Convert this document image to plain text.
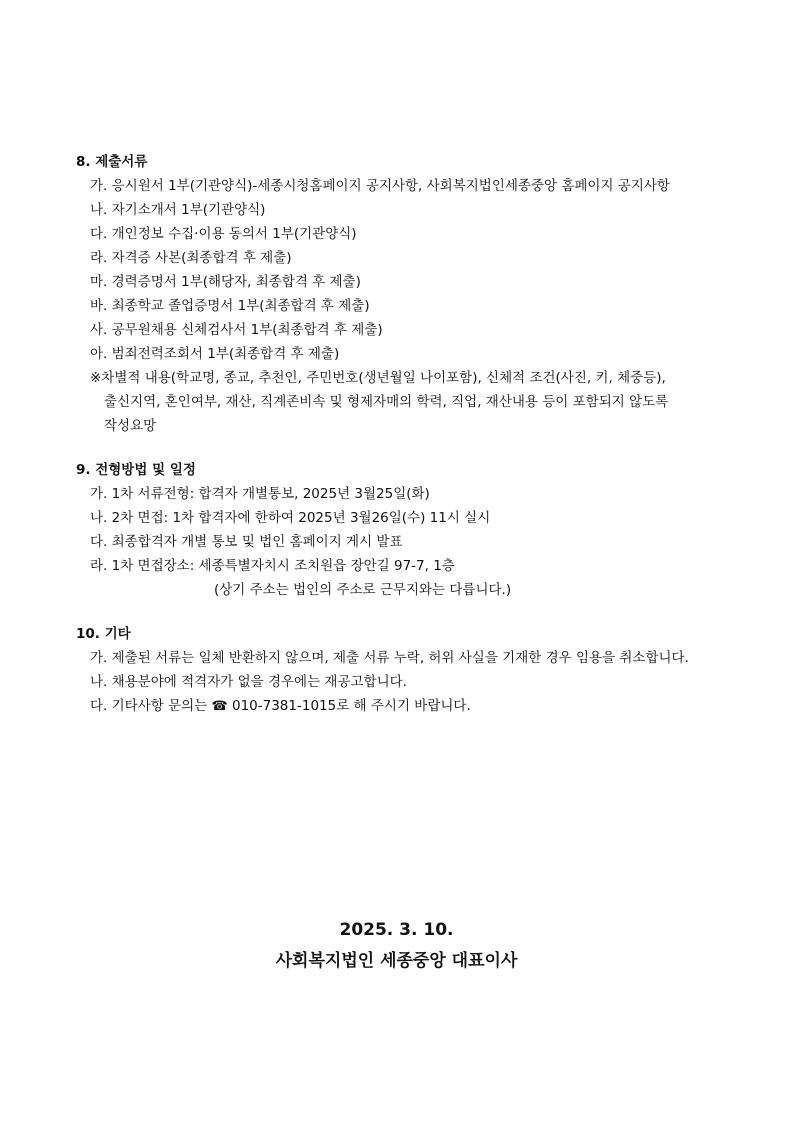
8. 제출서류
가. 응시원서 1부(기관양식)-세종시청홈페이지 공지사항, 사회복지법인세종중앙 홈페이지 공지사항
나. 자기소개서 1부(기관양식)
다. 개인정보 수집·이용 동의서 1부(기관양식)
라. 자격증 사본(최종합격 후 제출)
마. 경력증명서 1부(해당자, 최종합격 후 제출)
바. 최종학교 졸업증명서 1부(최종합격 후 제출)
사. 공무원채용 신체검사서 1부(최종합격 후 제출)
아. 범죄전력조회서 1부(최종합격 후 제출)
※차별적 내용(학교명, 종교, 추천인, 주민번호(생년월일 나이포함), 신체적 조건(사진, 키, 체중등),
출신지역, 혼인여부, 재산, 직계존비속 및 형제자매의 학력, 직업, 재산내용 등이 포함되지 않도록
작성요망
9. 전형방법 및 일정
가. 1차 서류전형: 합격자 개별통보, 2025년 3월25일(화)
나. 2차 면접: 1차 합격자에 한하여 2025년 3월26일(수) 11시 실시
다. 최종합격자 개별 통보 및 법인 홈페이지 게시 발표
라. 1차 면접장소: 세종특별자치시 조치원읍 장안길 97-7, 1층
(상기 주소는 법인의 주소로 근무지와는 다릅니다.)
10. 기타
가. 제출된 서류는 일체 반환하지 않으며, 제출 서류 누락, 허위 사실을 기재한 경우 임용을 취소합니다.
나. 채용분야에 적격자가 없을 경우에는 재공고합니다.
다. 기타사항 문의는 ☎ 010-7381-1015로 해 주시기 바랍니다.
2025. 3. 10.
사회복지법인 세종중앙 대표이사
